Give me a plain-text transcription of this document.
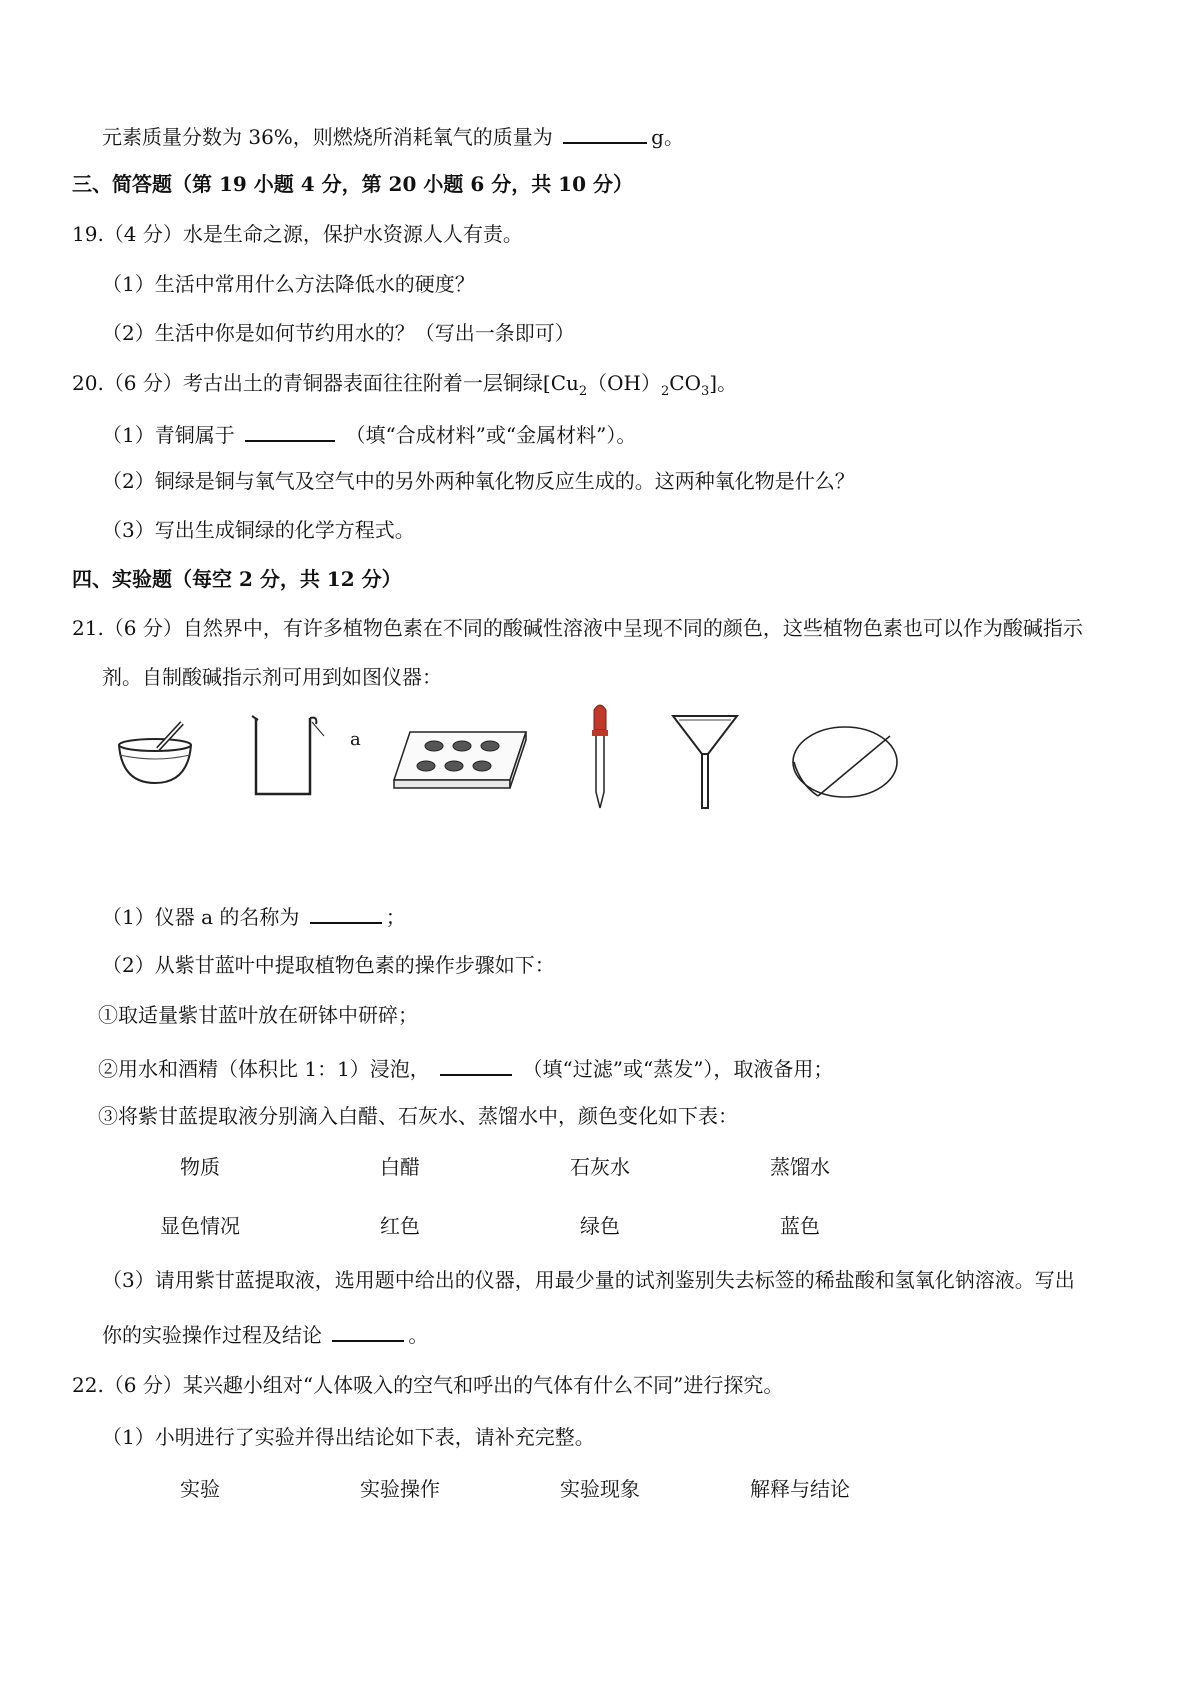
元素质量分数为 36%，则燃烧所消耗氧气的质量为	g。
三、简答题（第 19 小题 4 分，第 20 小题 6 分，共 10 分）
19.（4 分）水是生命之源，保护水资源人人有责。
（1）生活中常用什么方法降低水的硬度？
（2）生活中你是如何节约用水的？（写出一条即可）
20.（6 分）考古出土的青铜器表面往往附着一层铜绿$[Cu_2(OH)_2CO_3]$。
（1）青铜属于	（填“合成材料”或“金属材料”）。
（2）铜绿是铜与氧气及空气中的另外两种氧化物反应生成的。这两种氧化物是什么？
（3）写出生成铜绿的化学方程式。
四、实验题（每空 2 分，共 12 分）
21.（6 分）自然界中，有许多植物色素在不同的酸碱性溶液中呈现不同的颜色，这些植物色素也可以作为酸碱指示
剂。自制酸碱指示剂可用到如图仪器：
a
（1）仪器 a 的名称为	；
（2）从紫甘蓝叶中提取植物色素的操作步骤如下：
①取适量紫甘蓝叶放在研钵中研碎；
②用水和酒精（体积比 1：1）浸泡，	（填“过滤”或“蒸发”），取液备用；
③将紫甘蓝提取液分别滴入白醋、石灰水、蒸馏水中，颜色变化如下表：
物质	白醋	石灰水	蒸馏水
显色情况	红色	绿色	蓝色
（3）请用紫甘蓝提取液，选用题中给出的仪器，用最少量的试剂鉴别失去标签的稀盐酸和氢氧化钠溶液。写出
你的实验操作过程及结论	。
22.（6 分）某兴趣小组对“人体吸入的空气和呼出的气体有什么不同”进行探究。
（1）小明进行了实验并得出结论如下表，请补充完整。
实验	实验操作	实验现象	解释与结论
